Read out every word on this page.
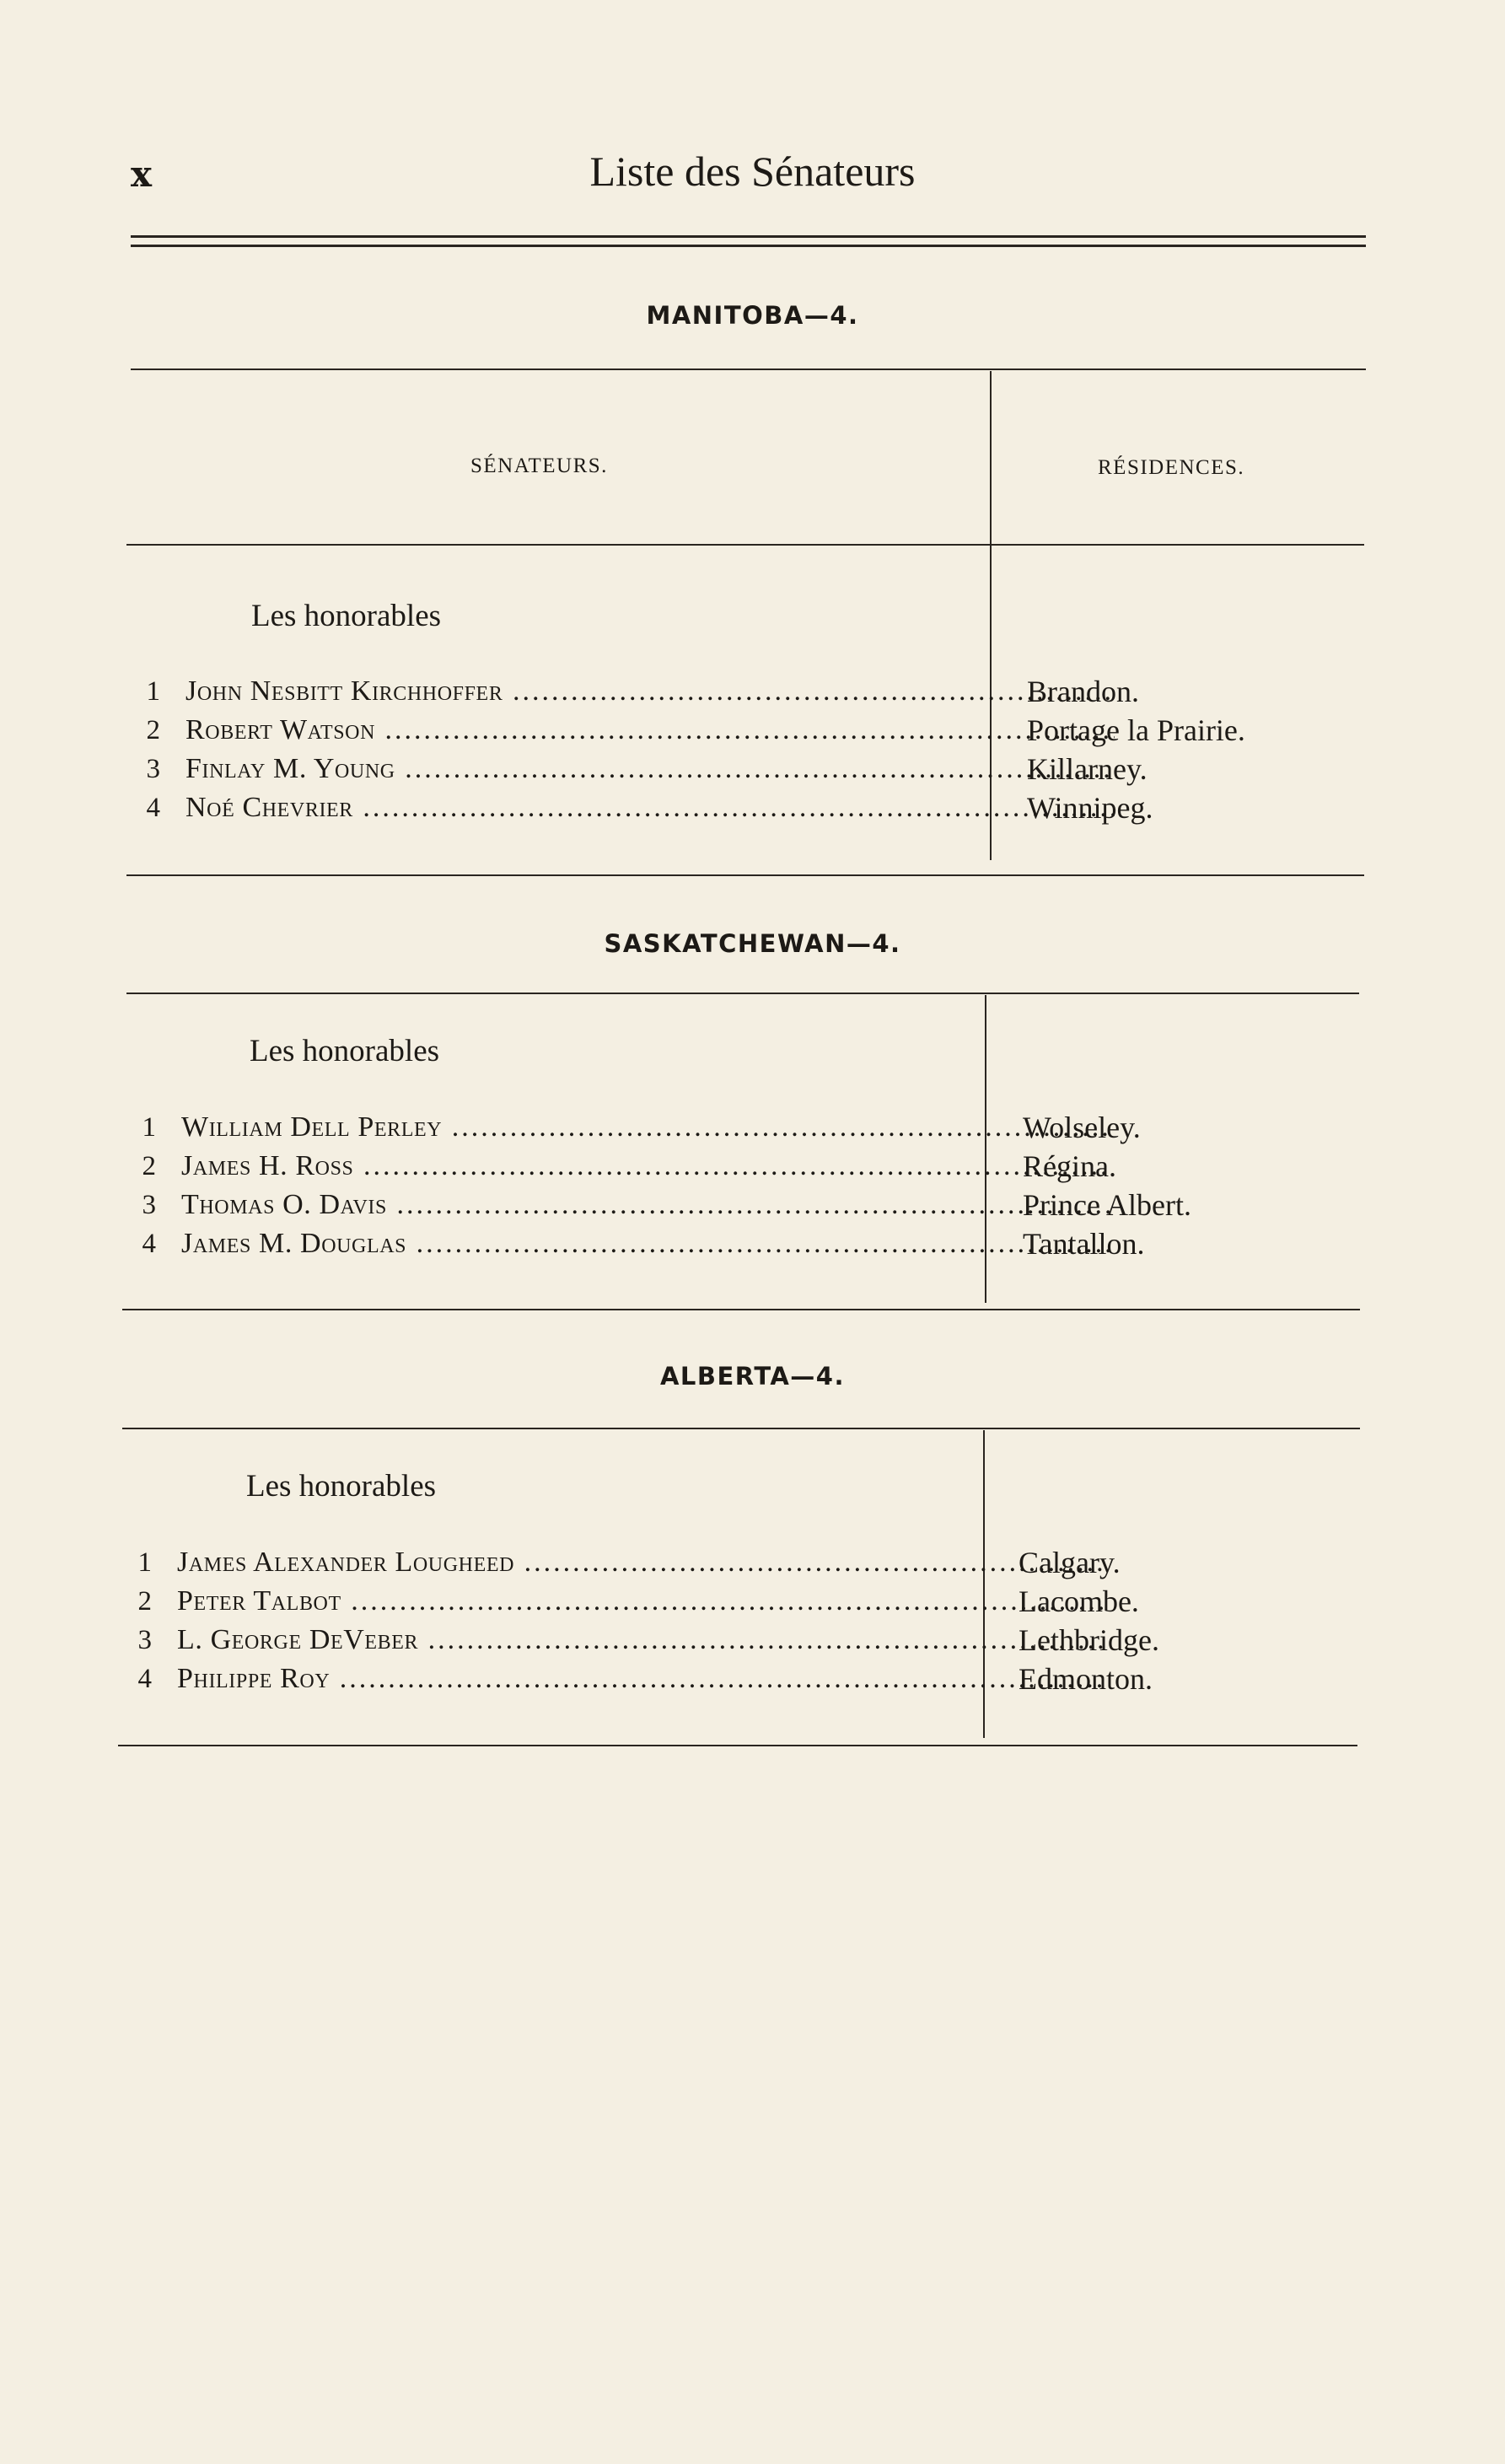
x	Liste des Sénateurs
MANITOBA—4.
SÉNATEURS.	RÉSIDENCES.
Les honorables
1 John Nesbitt Kirchhoffer .....	Brandon.
2 Robert Watson .....	Portage la Prairie.
3 Finlay M. Young .....	Killarney.
4 Noé Chevrier .....	Winnipeg.
SASKATCHEWAN—4.
Les honorables
1 William Dell Perley .....	Wolseley.
2 James H. Ross .....	Régina.
3 Thomas O. Davis .....	Prince Albert.
4 James M. Douglas .....	Tantallon.
ALBERTA—4.
Les honorables
1 James Alexander Lougheed .....	Calgary.
2 Peter Talbot .....	Lacombe.
3 L. George DeVeber .....	Lethbridge.
4 Philippe Roy .....	Edmonton.
